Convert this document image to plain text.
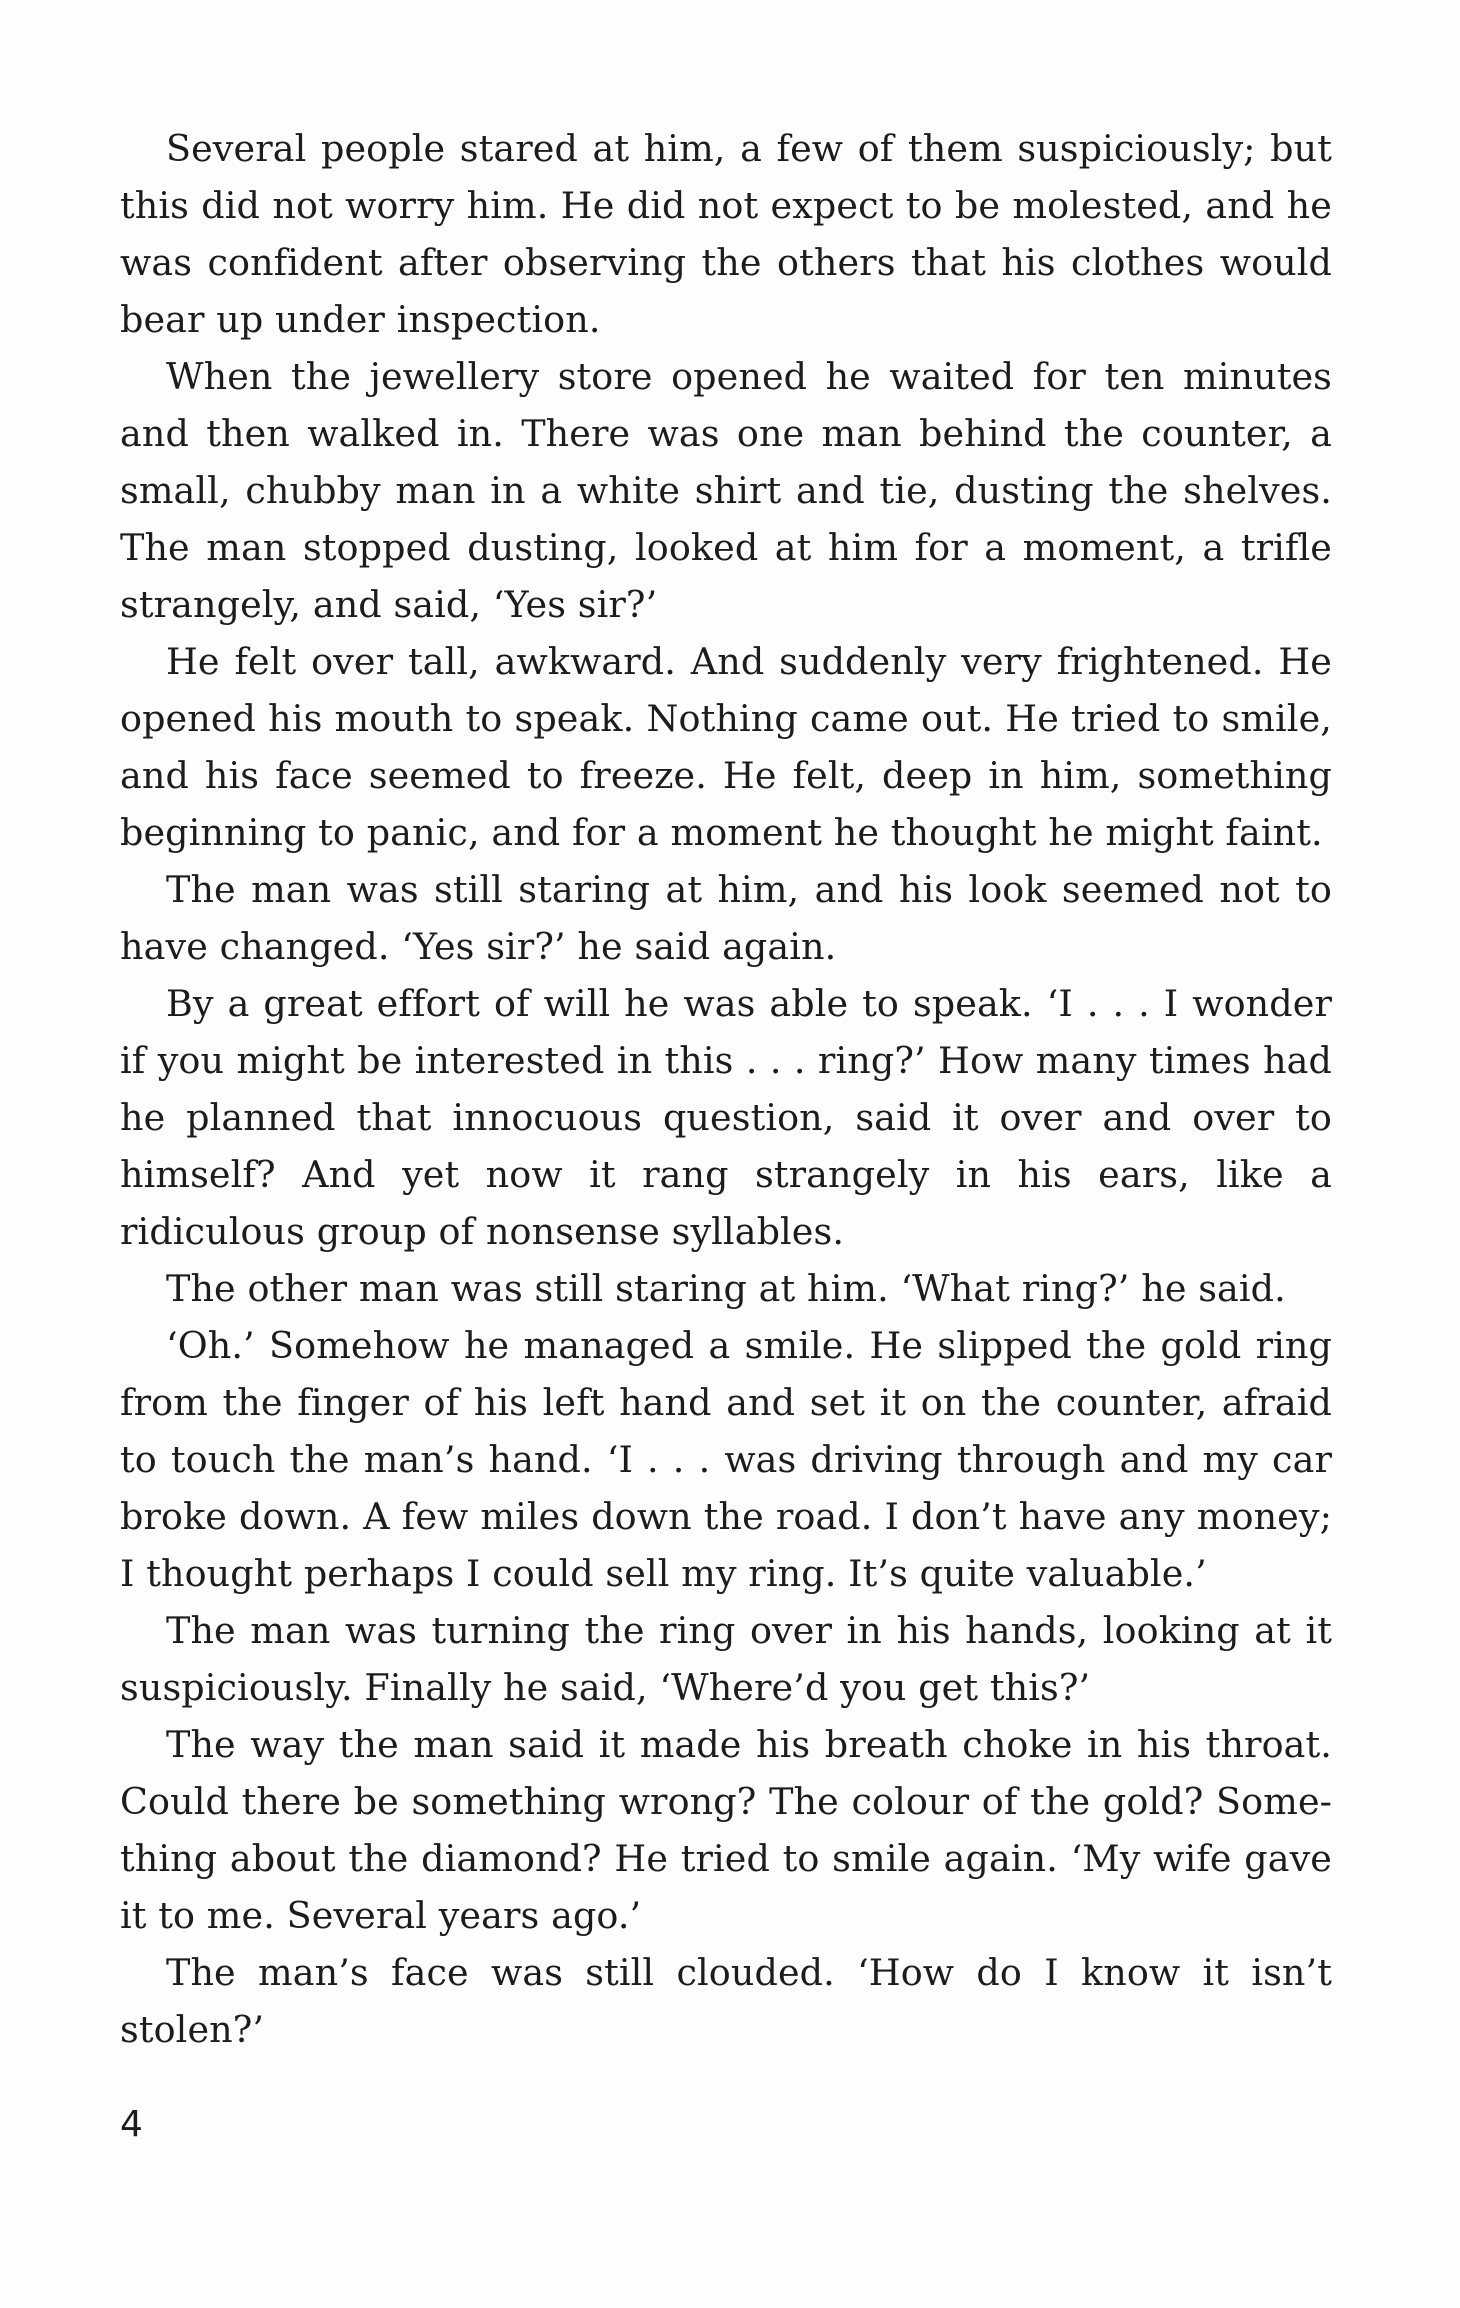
Several people stared at him, a few of them suspiciously; but this did not worry him. He did not expect to be molested, and he was confident after observing the others that his clothes would bear up under inspection.

When the jewellery store opened he waited for ten minutes and then walked in. There was one man behind the counter, a small, chubby man in a white shirt and tie, dusting the shelves. The man stopped dusting, looked at him for a moment, a trifle strangely, and said, ‘Yes sir?’

He felt over tall, awkward. And suddenly very frightened. He opened his mouth to speak. Nothing came out. He tried to smile, and his face seemed to freeze. He felt, deep in him, something beginning to panic, and for a moment he thought he might faint.

The man was still staring at him, and his look seemed not to have changed. ‘Yes sir?’ he said again.

By a great effort of will he was able to speak. ‘I . . . I wonder if you might be interested in this . . . ring?’ How many times had he planned that innocuous question, said it over and over to himself? And yet now it rang strangely in his ears, like a ridiculous group of nonsense syllables.

The other man was still staring at him. ‘What ring?’ he said.

‘Oh.’ Somehow he managed a smile. He slipped the gold ring from the finger of his left hand and set it on the counter, afraid to touch the man’s hand. ‘I . . . was driving through and my car broke down. A few miles down the road. I don’t have any money; I thought perhaps I could sell my ring. It’s quite valuable.’

The man was turning the ring over in his hands, looking at it suspiciously. Finally he said, ‘Where’d you get this?’

The way the man said it made his breath choke in his throat. Could there be something wrong? The colour of the gold? Something about the diamond? He tried to smile again. ‘My wife gave it to me. Several years ago.’

The man’s face was still clouded. ‘How do I know it isn’t stolen?’

4
